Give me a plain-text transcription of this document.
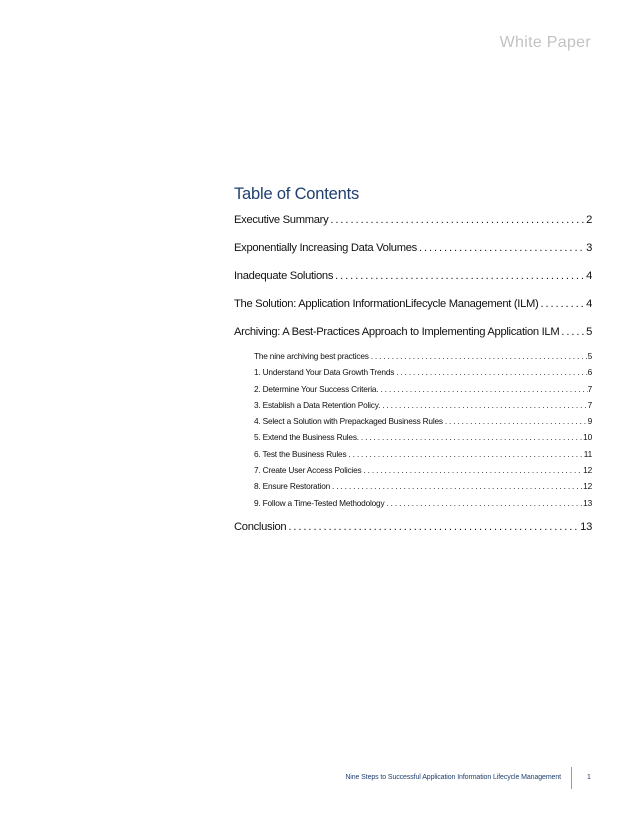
White Paper
Table of Contents
Executive Summary . . .	2
Exponentially Increasing Data Volumes . . .	3
Inadequate Solutions . . .	4
The Solution: Application InformationLifecycle Management (ILM) . . .	4
Archiving: A Best-Practices Approach to Implementing Application ILM . . . 5
The nine archiving best practices . . .	5
1. Understand Your Data Growth Trends . . .	6
2. Determine Your Success Criteria. . . .	7
3. Establish a Data Retention Policy. . . .	7
4. Select a Solution with Prepackaged Business Rules . . .	9
5. Extend the Business Rules. . . .	10
6. Test the Business Rules . . .	11
7. Create User Access Policies . . .	12
8. Ensure Restoration . . .	12
9. Follow a Time-Tested Methodology . . .	13
Conclusion . . .	13
Nine Steps to Successful Application Information Lifecycle Management	1
